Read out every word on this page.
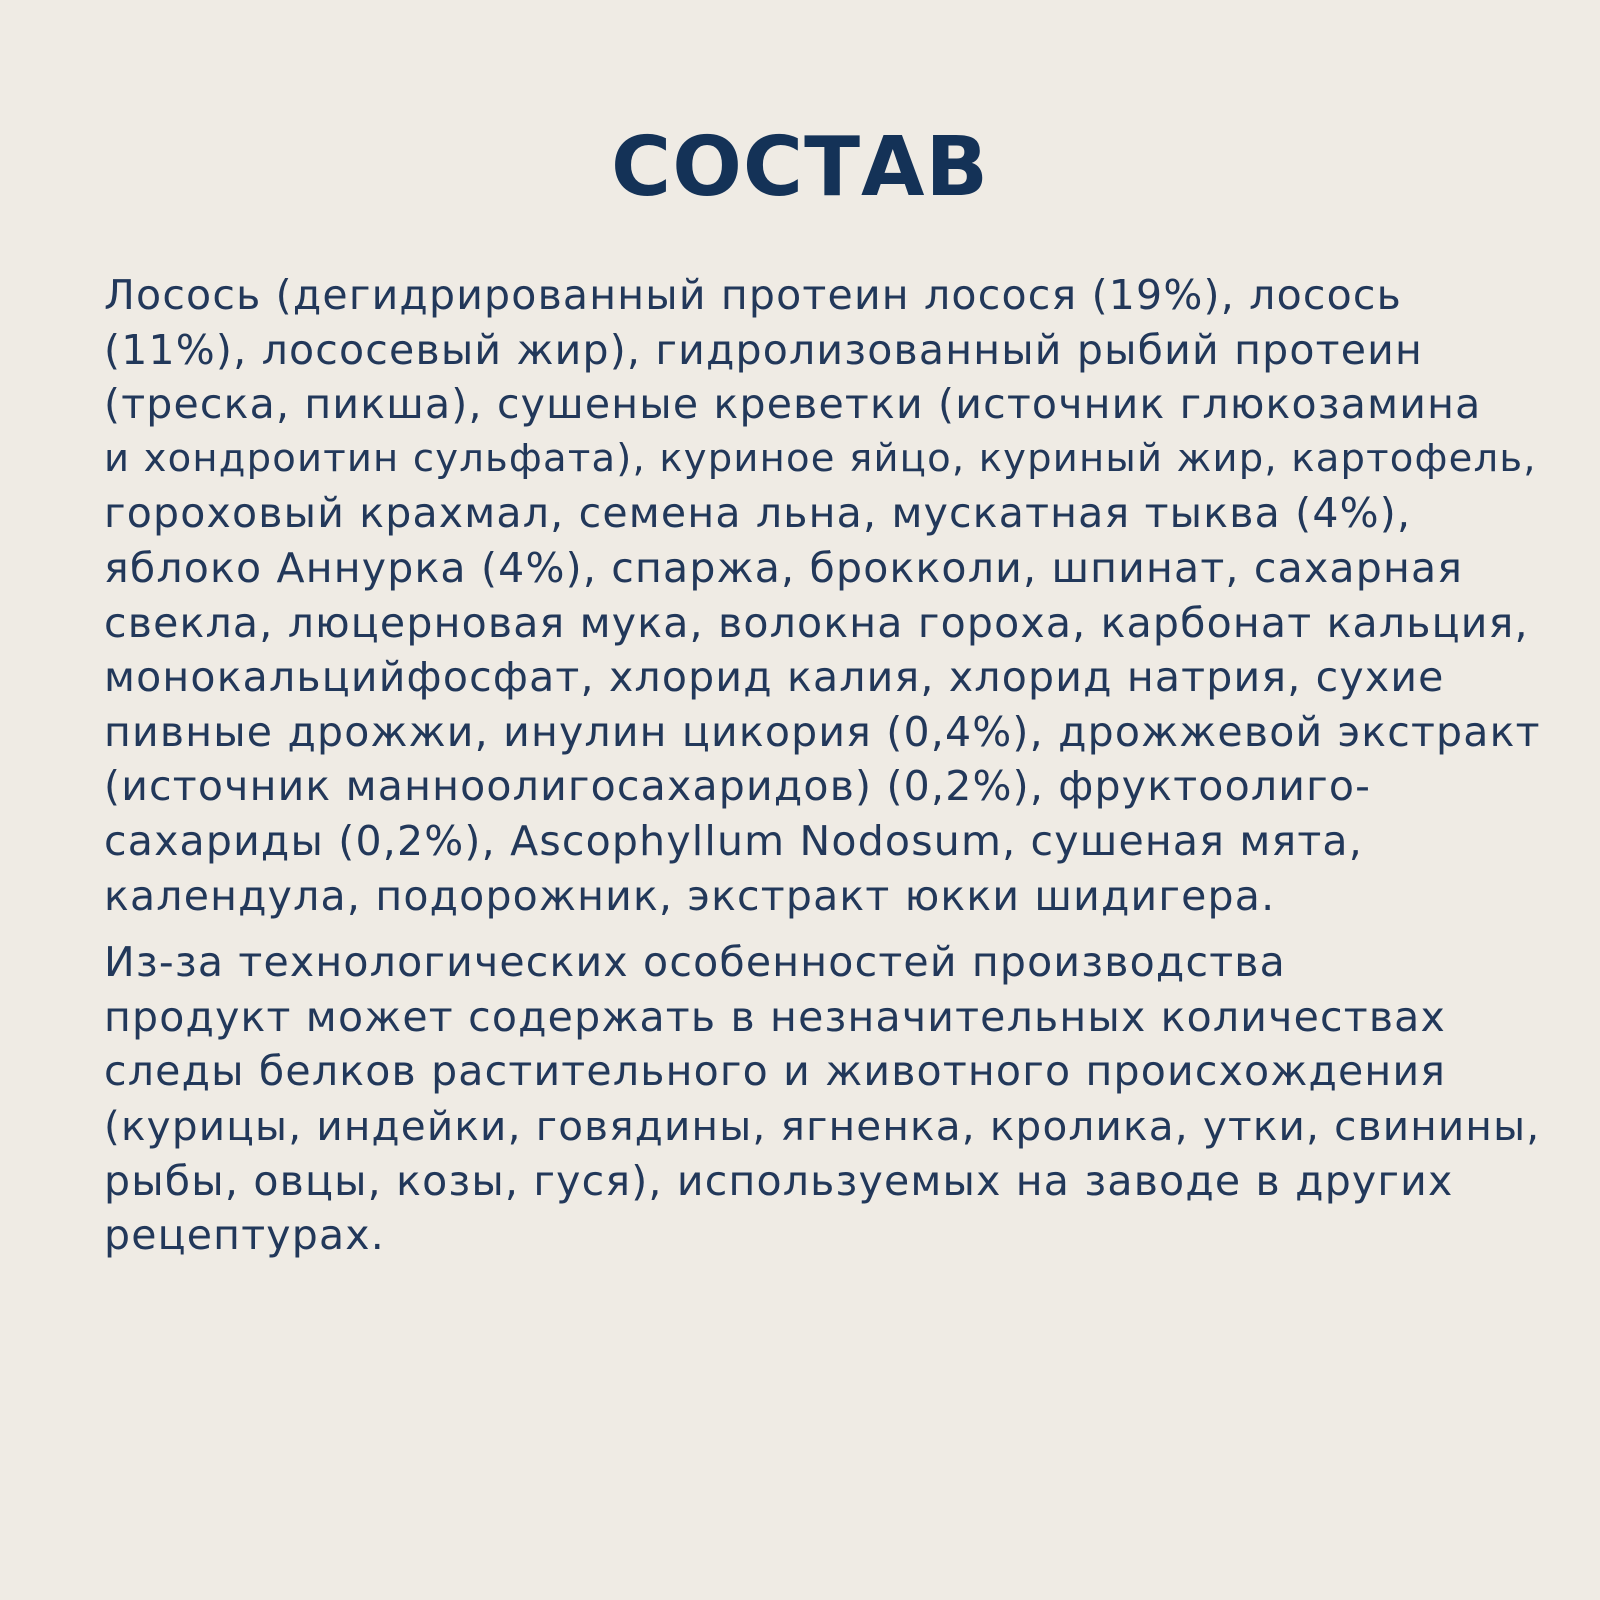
СОСТАВ
Лосось (дегидрированный протеин лосося (19%), лосось
(11%), лососевый жир), гидролизованный рыбий протеин
(треска, пикша), сушеные креветки (источник глюкозамина
и хондроитин сульфата), куриное яйцо, куриный жир, картофель,
гороховый крахмал, семена льна, мускатная тыква (4%),
яблоко Аннурка (4%), спаржа, брокколи, шпинат, сахарная
свекла, люцерновая мука, волокна гороха, карбонат кальция,
монокальцийфосфат, хлорид калия, хлорид натрия, сухие
пивные дрожжи, инулин цикория (0,4%), дрожжевой экстракт
(источник манноолигосахаридов) (0,2%), фруктоолиго-
сахариды (0,2%), Ascophyllum Nodosum, сушеная мята,
календула, подорожник, экстракт юкки шидигера.
Из-за технологических особенностей производства
продукт может содержать в незначительных количествах
следы белков растительного и животного происхождения
(курицы, индейки, говядины, ягненка, кролика, утки, свинины,
рыбы, овцы, козы, гуся), используемых на заводе в других
рецептурах.
